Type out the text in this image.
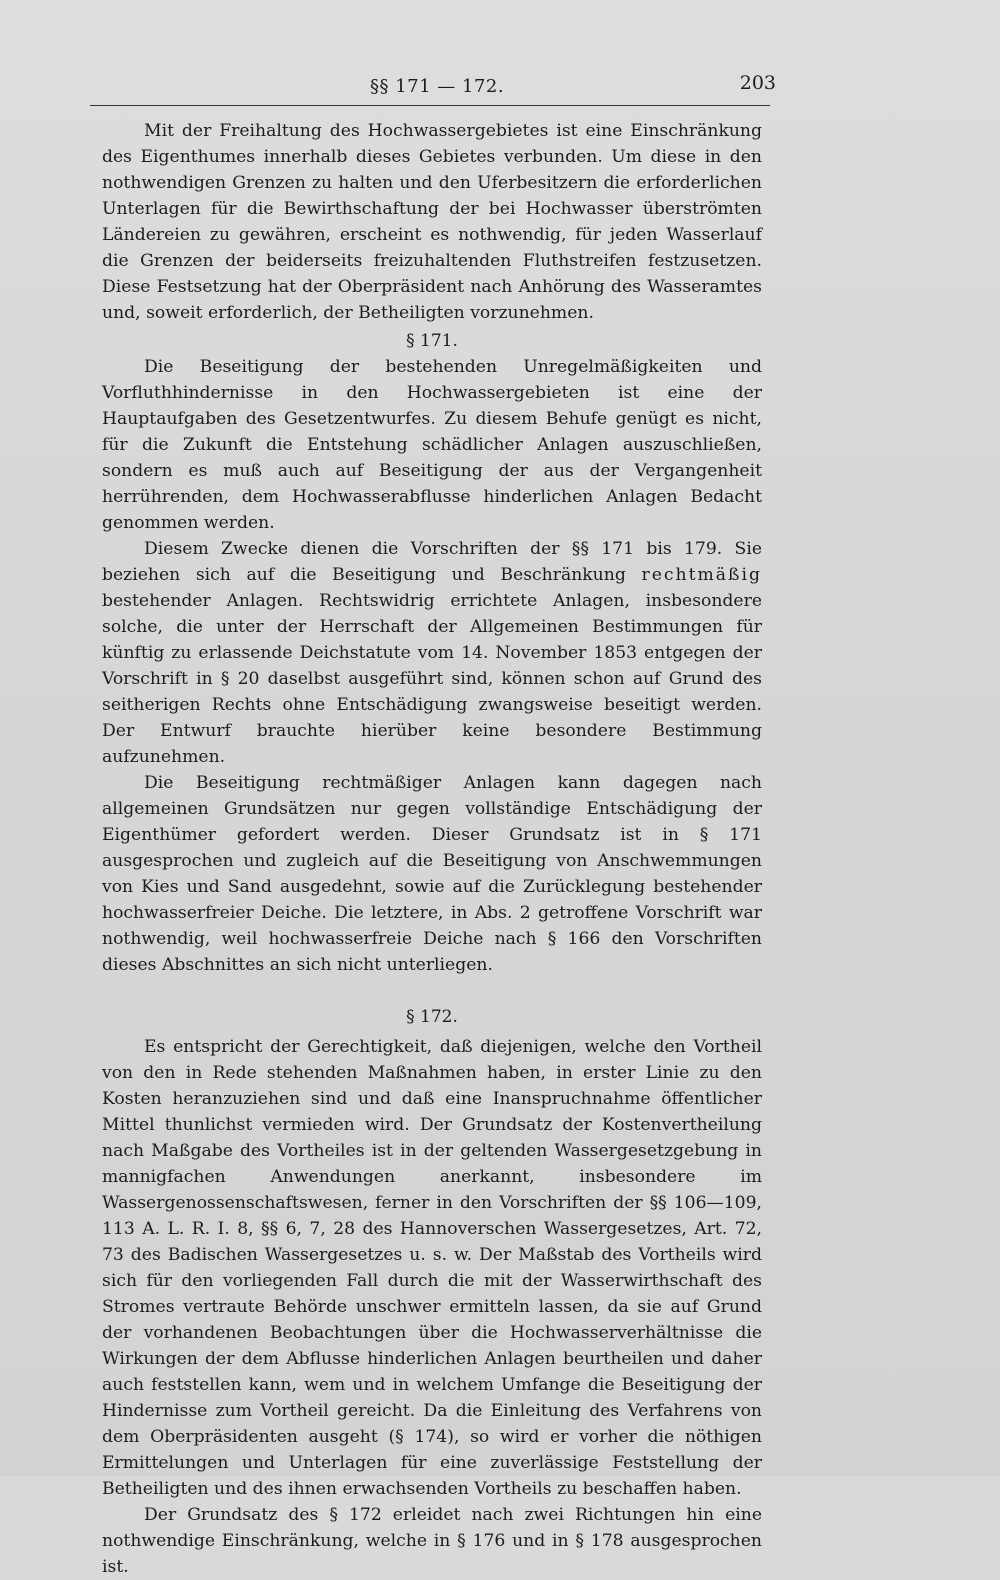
§§ 171 — 172.	203

Mit der Freihaltung des Hochwassergebietes ist eine Einschränkung des Eigenthumes innerhalb dieses Gebietes verbunden. Um diese in den nothwendigen Grenzen zu halten und den Uferbesitzern die erforderlichen Unterlagen für die Bewirthschaftung der bei Hochwasser überströmten Ländereien zu gewähren, erscheint es nothwendig, für jeden Wasserlauf die Grenzen der beiderseits freizuhaltenden Fluthstreifen festzusetzen. Diese Festsetzung hat der Oberpräsident nach Anhörung des Wasseramtes und, soweit erforderlich, der Betheiligten vorzunehmen.

§ 171.

Die Beseitigung der bestehenden Unregelmäßigkeiten und Vorfluthhindernisse in den Hochwassergebieten ist eine der Hauptaufgaben des Gesetzentwurfes. Zu diesem Behufe genügt es nicht, für die Zukunft die Entstehung schädlicher Anlagen auszuschließen, sondern es muß auch auf Beseitigung der aus der Vergangenheit herrührenden, dem Hochwasserabflusse hinderlichen Anlagen Bedacht genommen werden.

Diesem Zwecke dienen die Vorschriften der §§ 171 bis 179. Sie beziehen sich auf die Beseitigung und Beschränkung rechtmäßig bestehender Anlagen. Rechtswidrig errichtete Anlagen, insbesondere solche, die unter der Herrschaft der Allgemeinen Bestimmungen für künftig zu erlassende Deichstatute vom 14. November 1853 entgegen der Vorschrift in § 20 daselbst ausgeführt sind, können schon auf Grund des seitherigen Rechts ohne Entschädigung zwangsweise beseitigt werden. Der Entwurf brauchte hierüber keine besondere Bestimmung aufzunehmen.

Die Beseitigung rechtmäßiger Anlagen kann dagegen nach allgemeinen Grundsätzen nur gegen vollständige Entschädigung der Eigenthümer gefordert werden. Dieser Grundsatz ist in § 171 ausgesprochen und zugleich auf die Beseitigung von Anschwemmungen von Kies und Sand ausgedehnt, sowie auf die Zurücklegung bestehender hochwasserfreier Deiche. Die letztere, in Abs. 2 getroffene Vorschrift war nothwendig, weil hochwasserfreie Deiche nach § 166 den Vorschriften dieses Abschnittes an sich nicht unterliegen.

§ 172.

Es entspricht der Gerechtigkeit, daß diejenigen, welche den Vortheil von den in Rede stehenden Maßnahmen haben, in erster Linie zu den Kosten heranzuziehen sind und daß eine Inanspruchnahme öffentlicher Mittel thunlichst vermieden wird. Der Grundsatz der Kostenvertheilung nach Maßgabe des Vortheiles ist in der geltenden Wassergesetzgebung in mannigfachen Anwendungen anerkannt, insbesondere im Wassergenossenschaftswesen, ferner in den Vorschriften der §§ 106—109, 113 A. L. R. I. 8, §§ 6, 7, 28 des Hannoverschen Wassergesetzes, Art. 72, 73 des Badischen Wassergesetzes u. s. w. Der Maßstab des Vortheils wird sich für den vorliegenden Fall durch die mit der Wasserwirthschaft des Stromes vertraute Behörde unschwer ermitteln lassen, da sie auf Grund der vorhandenen Beobachtungen über die Hochwasserverhältnisse die Wirkungen der dem Abflusse hinderlichen Anlagen beurtheilen und daher auch feststellen kann, wem und in welchem Umfange die Beseitigung der Hindernisse zum Vortheil gereicht. Da die Einleitung des Verfahrens von dem Oberpräsidenten ausgeht (§ 174), so wird er vorher die nöthigen Ermittelungen und Unterlagen für eine zuverlässige Feststellung der Betheiligten und des ihnen erwachsenden Vortheils zu beschaffen haben.

Der Grundsatz des § 172 erleidet nach zwei Richtungen hin eine nothwendige Einschränkung, welche in § 176 und in § 178 ausgesprochen ist.
